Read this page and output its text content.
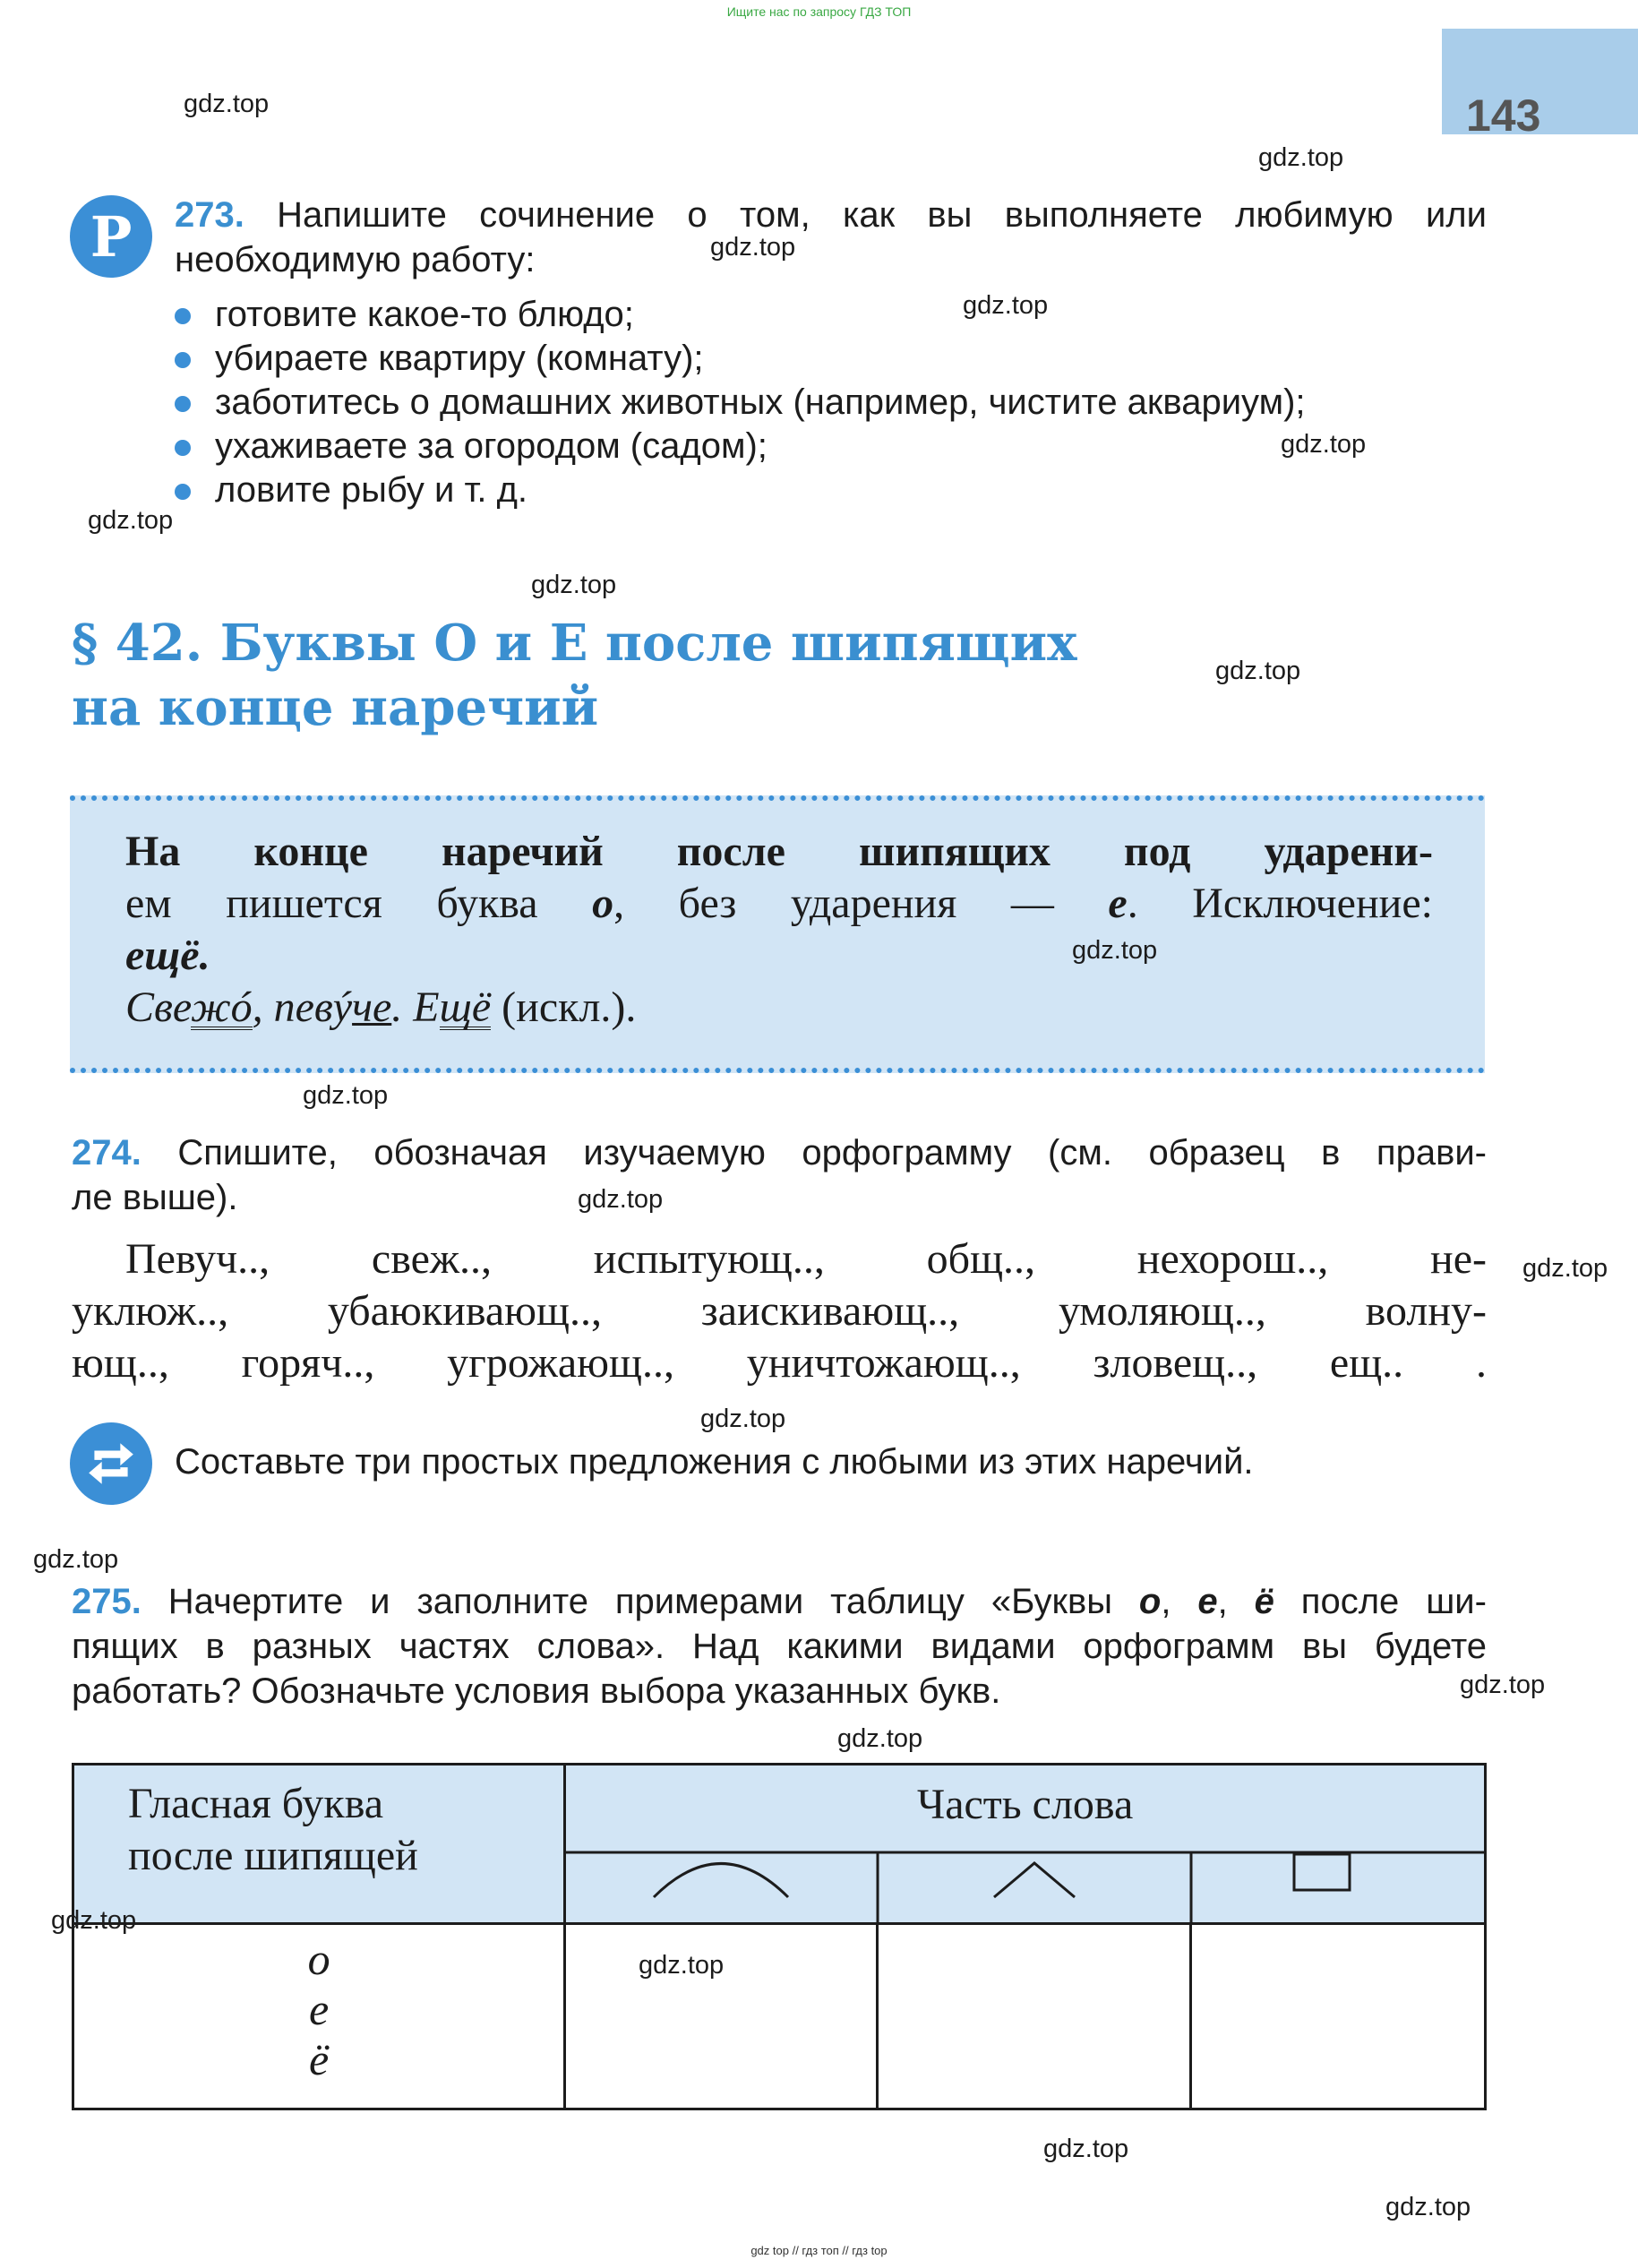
Ищите нас по запросу ГДЗ ТОП
143
P 273. Напишите сочинение о том, как вы выполняете любимую или
необходимую работу:
готовите какое-то блюдо;
убираете квартиру (комнату);
заботитесь о домашних животных (например, чистите аквариум);
ухаживаете за огородом (садом);
ловите рыбу и т. д.
§ 42. Буквы О и Е после шипящих
на конце наречий
На конце наречий после шипящих под ударени-
ем пишется буква о, без ударения — е. Исключение:
ещё.
Свежó, певýче. Ещё (искл.).
274. Спишите, обозначая изучаемую орфограмму (см. образец в прави-
ле выше).
Певуч.., свеж.., испытующ.., общ.., нехорош.., не-
уклюж.., убаюкивающ.., заискивающ.., умоляющ.., волну-
ющ.., горяч.., угрожающ.., уничтожающ.., зловещ.., ещ.. .
Составьте три простых предложения с любыми из этих наречий.
275. Начертите и заполните примерами таблицу «Буквы о, е, ё после ши-
пящих в разных частях слова». Над какими видами орфограмм вы будете
работать? Обозначьте условия выбора указанных букв.
Гласная буква
после шипящей	Часть слова		

о
е
ё			

gdz.top
gdz.top
gdz.top
gdz.top
gdz.top
gdz.top
gdz.top
gdz.top
gdz.top
gdz.top
gdz.top
gdz.top
gdz.top
gdz.top
gdz.top
gdz.top
gdz.top
gdz.top
gdz.top
gdz.top
gdz top // гдз топ // гдз top
